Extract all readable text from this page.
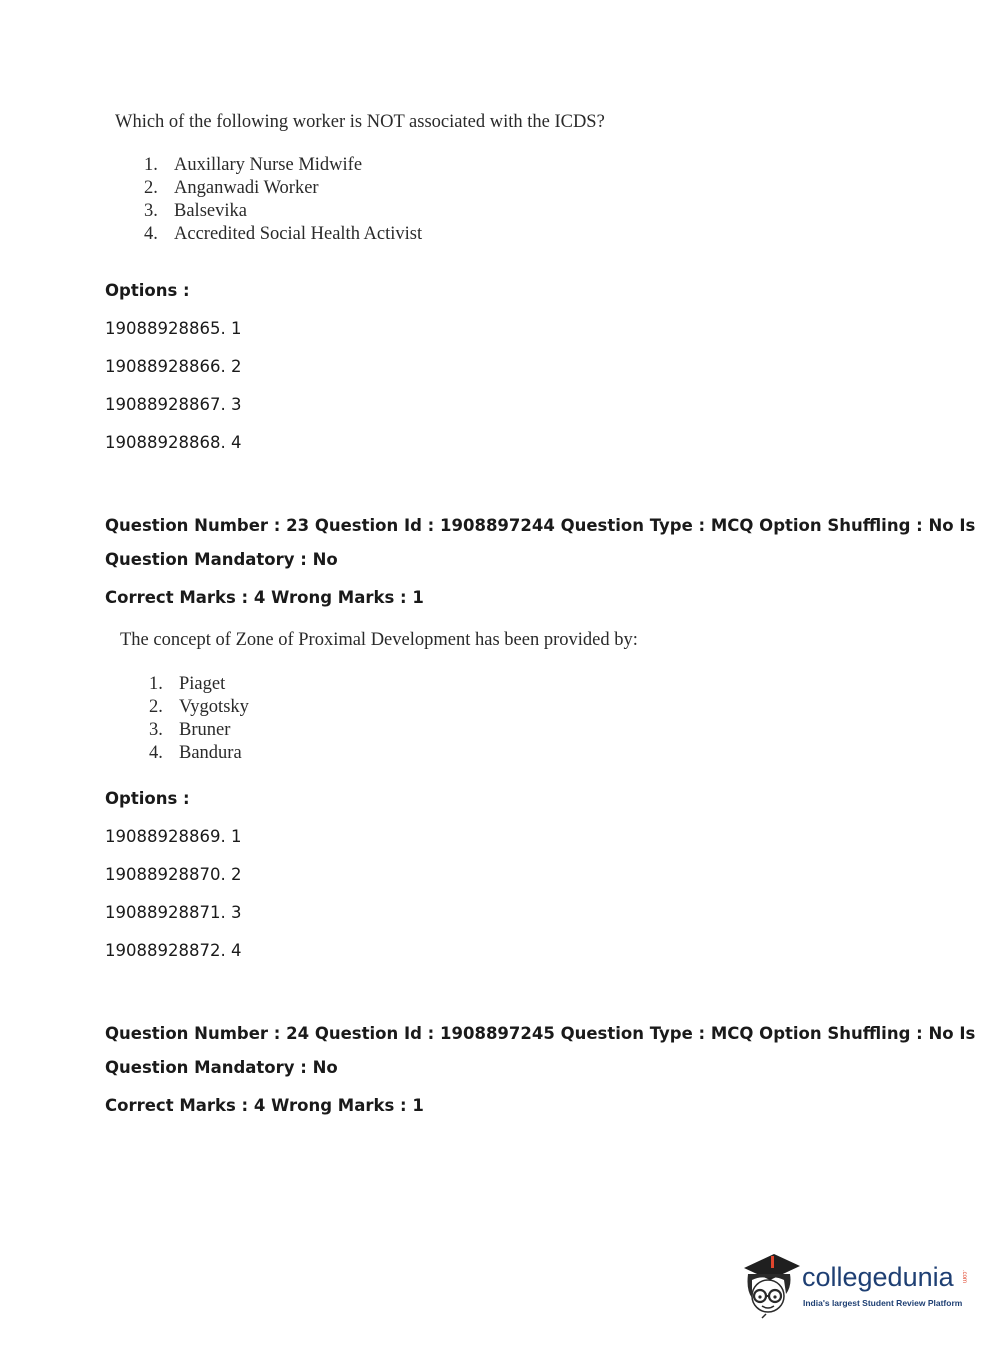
Which of the following worker is NOT associated with the ICDS?
1. Auxillary Nurse Midwife
2. Anganwadi Worker
3. Balsevika
4. Accredited Social Health Activist
Options :
19088928865. 1
19088928866. 2
19088928867. 3
19088928868. 4
Question Number : 23 Question Id : 1908897244 Question Type : MCQ Option Shuffling : No Is
Question Mandatory : No
Correct Marks : 4 Wrong Marks : 1
The concept of Zone of Proximal Development has been provided by:
1. Piaget
2. Vygotsky
3. Bruner
4. Bandura
Options :
19088928869. 1
19088928870. 2
19088928871. 3
19088928872. 4
Question Number : 24 Question Id : 1908897245 Question Type : MCQ Option Shuffling : No Is
Question Mandatory : No
Correct Marks : 4 Wrong Marks : 1
collegedunia .com
India's largest Student Review Platform
